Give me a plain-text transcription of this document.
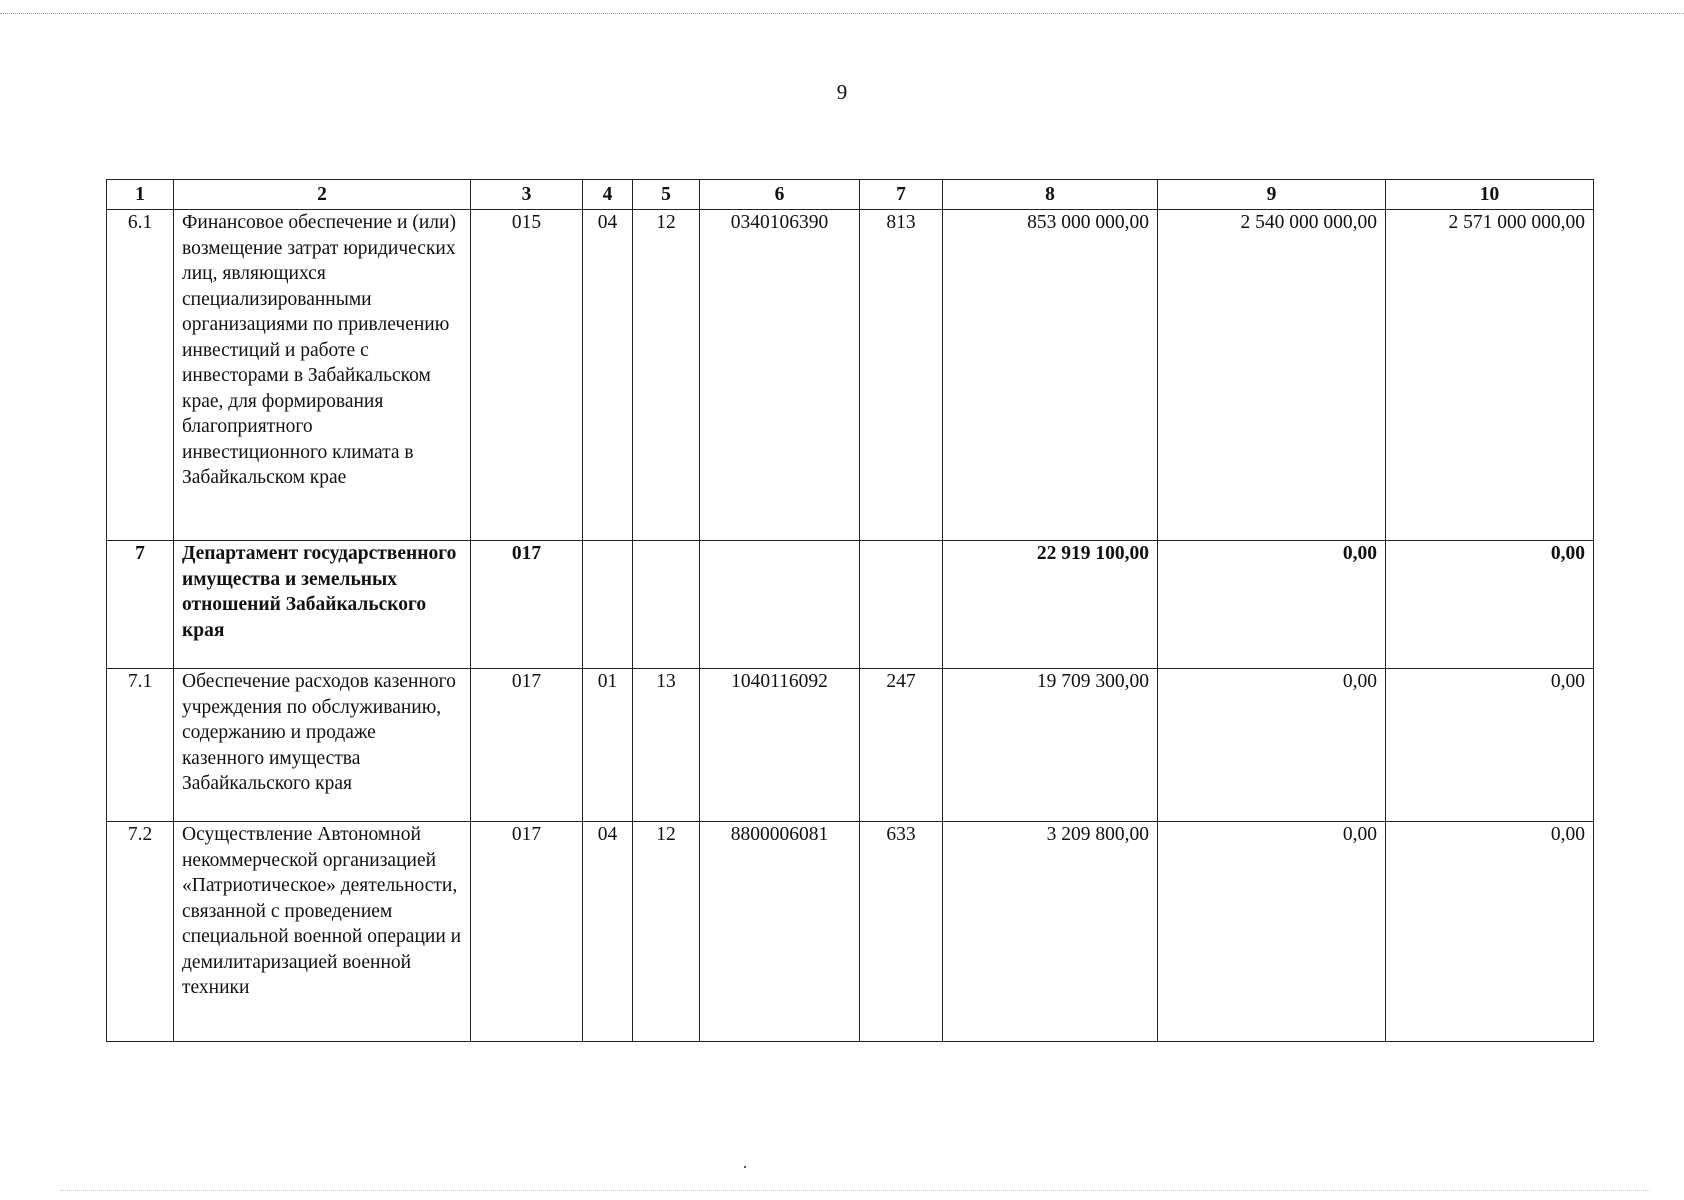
9
1	2	3	4	5	6	7	8	9	10
6.1	Финансовое обеспечение и (или) возмещение затрат юридических лиц, являющихся специализированными организациями по привлечению инвестиций и работе с инвесторами в Забайкальском крае, для формирования благоприятного инвестиционного климата в Забайкальском крае	015	04	12	0340106390	813	853 000 000,00	2 540 000 000,00	2 571 000 000,00
7	Департамент государственного имущества и земельных отношений Забайкальского края	017					22 919 100,00	0,00	0,00
7.1	Обеспечение расходов казенного учреждения по обслуживанию, содержанию и продаже казенного имущества Забайкальского края	017	01	13	1040116092	247	19 709 300,00	0,00	0,00
7.2	Осуществление Автономной некоммерческой организацией «Патриотическое» деятельности, связанной с проведением специальной военной операции и демилитаризацией военной техники	017	04	12	8800006081	633	3 209 800,00	0,00	0,00
